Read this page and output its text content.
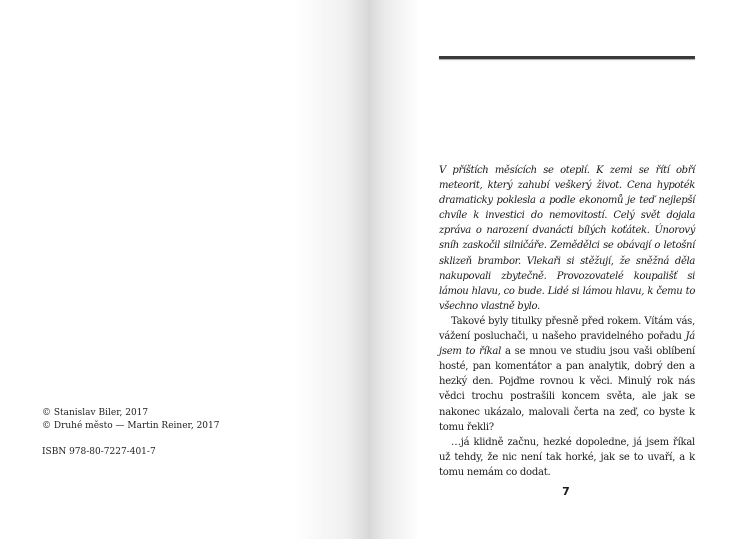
© Stanislav Biler, 2017
© Druhé město — Martin Reiner, 2017
ISBN 978-80-7227-401-7

V příštích měsících se oteplí. K zemi se řítí obří meteorit, který zahubí veškerý život. Cena hypoték dramaticky poklesla a podle ekonomů je teď nejlepší chvíle k investici do nemovitostí. Celý svět dojala zpráva o narození dvanácti bílých koťátek. Únorový sníh zaskočil silničáře. Zemědělci se obávají o letošní sklizeň brambor. Vlekaři si stěžují, že sněžná děla nakupovali zbytečně. Provozovatelé koupališť si lámou hlavu, co bude. Lidé si lámou hlavu, k čemu to všechno vlastně bylo.

Takové byly titulky přesně před rokem. Vítám vás, vážení posluchači, u našeho pravidelného pořadu Já jsem to říkal a se mnou ve studiu jsou vaši oblíbení hosté, pan komentátor a pan analytik, dobrý den a hezký den. Pojďme rovnou k věci. Minulý rok nás vědci trochu postrašili koncem světa, ale jak se nakonec ukázalo, malovali čerta na zeď, co byste k tomu řekli?

…já klidně začnu, hezké dopoledne, já jsem říkal už tehdy, že nic není tak horké, jak se to uvaří, a k tomu nemám co dodat.

7
